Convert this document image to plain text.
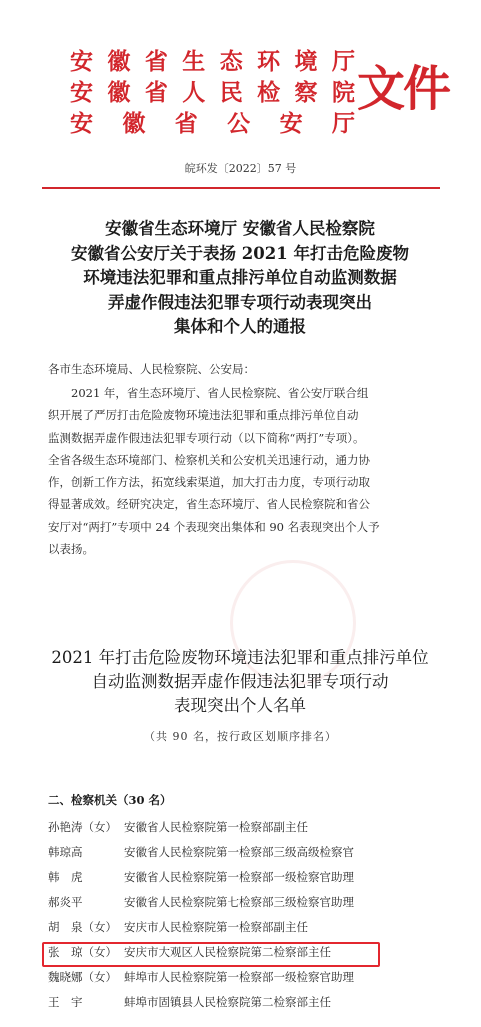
安 徽 省 生 态 环 境 厅
安 徽 省 人 民 检 察 院
安 徽 省 公 安 厅
文件
皖环发〔2022〕57 号
安徽省生态环境厅 安徽省人民检察院
安徽省公安厅关于表扬 2021 年打击危险废物
环境违法犯罪和重点排污单位自动监测数据
弄虚作假违法犯罪专项行动表现突出
集体和个人的通报
各市生态环境局、人民检察院、公安局：
　　2021 年，省生态环境厅、省人民检察院、省公安厅联合组
织开展了严厉打击危险废物环境违法犯罪和重点排污单位自动
监测数据弄虚作假违法犯罪专项行动（以下简称“两打”专项）。
全省各级生态环境部门、检察机关和公安机关迅速行动，通力协
作，创新工作方法，拓宽线索渠道，加大打击力度，专项行动取
得显著成效。经研究决定，省生态环境厅、省人民检察院和省公
安厅对“两打”专项中 24 个表现突出集体和 90 名表现突出个人予
以表扬。
2021 年打击危险废物环境违法犯罪和重点排污单位
自动监测数据弄虚作假违法犯罪专项行动
表现突出个人名单
（共 90 名，按行政区划顺序排名）
二、检察机关（30 名）
孙艳涛（女） 安徽省人民检察院第一检察部副主任
韩琼高	安徽省人民检察院第一检察部三级高级检察官
韩　虎	安徽省人民检察院第一检察部一级检察官助理
郝炎平	安徽省人民检察院第七检察部三级检察官助理
胡　泉（女） 安庆市人民检察院第一检察部副主任
张　琼（女） 安庆市大观区人民检察院第二检察部主任
魏晓娜（女） 蚌埠市人民检察院第一检察部一级检察官助理
王　宇	蚌埠市固镇县人民检察院第二检察部主任
